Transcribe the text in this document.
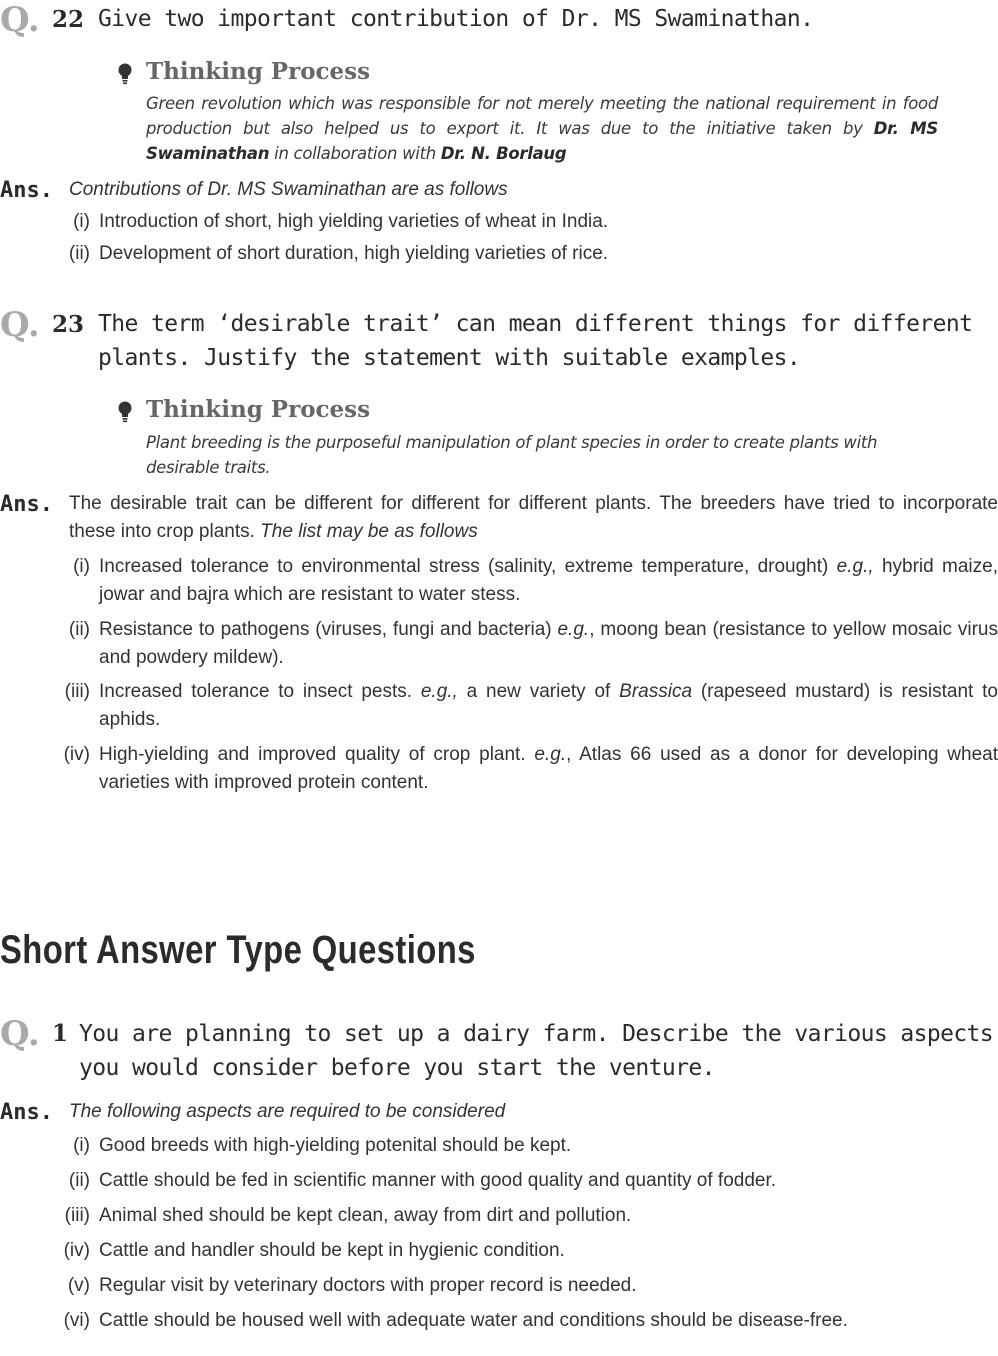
Q. 22 Give two important contribution of Dr. MS Swaminathan.
Thinking Process
Green revolution which was responsible for not merely meeting the national requirement in food production but also helped us to export it. It was due to the initiative taken by Dr. MS Swaminathan in collaboration with Dr. N. Borlaug
Ans. Contributions of Dr. MS Swaminathan are as follows
(i) Introduction of short, high yielding varieties of wheat in India.
(ii) Development of short duration, high yielding varieties of rice.
Q. 23 The term ‘desirable trait’ can mean different things for different plants. Justify the statement with suitable examples.
Thinking Process
Plant breeding is the purposeful manipulation of plant species in order to create plants with desirable traits.
Ans. The desirable trait can be different for different for different plants. The breeders have tried to incorporate these into crop plants. The list may be as follows
(i) Increased tolerance to environmental stress (salinity, extreme temperature, drought) e.g., hybrid maize, jowar and bajra which are resistant to water stess.
(ii) Resistance to pathogens (viruses, fungi and bacteria) e.g., moong bean (resistance to yellow mosaic virus and powdery mildew).
(iii) Increased tolerance to insect pests. e.g., a new variety of Brassica (rapeseed mustard) is resistant to aphids.
(iv) High-yielding and improved quality of crop plant. e.g., Atlas 66 used as a donor for developing wheat varieties with improved protein content.
Short Answer Type Questions
Q. 1 You are planning to set up a dairy farm. Describe the various aspects you would consider before you start the venture.
Ans. The following aspects are required to be considered
(i) Good breeds with high-yielding potenital should be kept.
(ii) Cattle should be fed in scientific manner with good quality and quantity of fodder.
(iii) Animal shed should be kept clean, away from dirt and pollution.
(iv) Cattle and handler should be kept in hygienic condition.
(v) Regular visit by veterinary doctors with proper record is needed.
(vi) Cattle should be housed well with adequate water and conditions should be disease-free.
